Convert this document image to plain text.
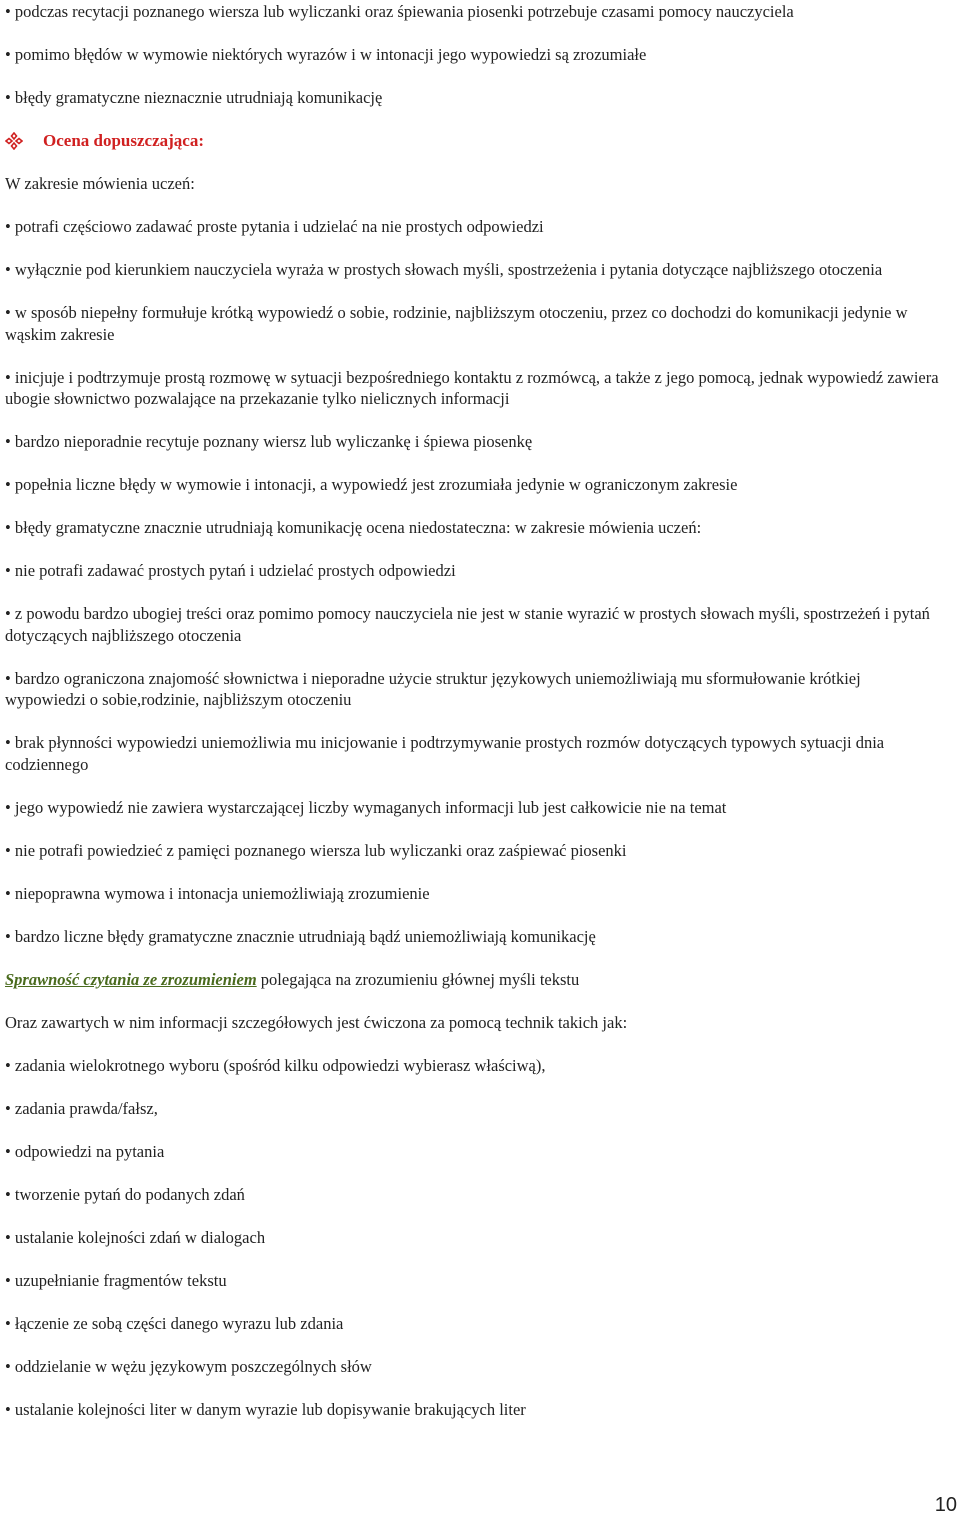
• podczas recytacji poznanego wiersza lub wyliczanki oraz śpiewania piosenki potrzebuje czasami pomocy nauczyciela

• pomimo błędów w wymowie niektórych wyrazów i w intonacji jego wypowiedzi są zrozumiałe

• błędy gramatyczne nieznacznie utrudniają komunikację

Ocena dopuszczająca:

W zakresie mówienia uczeń:

• potrafi częściowo zadawać proste pytania i udzielać na nie prostych odpowiedzi

• wyłącznie pod kierunkiem nauczyciela wyraża w prostych słowach myśli, spostrzeżenia i pytania dotyczące najbliższego otoczenia

• w sposób niepełny formułuje krótką wypowiedź o sobie, rodzinie, najbliższym otoczeniu, przez co dochodzi do komunikacji jedynie w wąskim zakresie

• inicjuje i podtrzymuje prostą rozmowę w sytuacji bezpośredniego kontaktu z rozmówcą, a także z jego pomocą, jednak wypowiedź zawiera ubogie słownictwo pozwalające na przekazanie tylko nielicznych informacji

• bardzo nieporadnie recytuje poznany wiersz lub wyliczankę i śpiewa piosenkę

• popełnia liczne błędy w wymowie i intonacji, a wypowiedź jest zrozumiała jedynie w ograniczonym zakresie

• błędy gramatyczne znacznie utrudniają komunikację ocena niedostateczna: w zakresie mówienia uczeń:

• nie potrafi zadawać prostych pytań i udzielać prostych odpowiedzi

• z powodu bardzo ubogiej treści oraz pomimo pomocy nauczyciela nie jest w stanie wyrazić w prostych słowach myśli, spostrzeżeń i pytań dotyczących najbliższego otoczenia

• bardzo ograniczona znajomość słownictwa i nieporadne użycie struktur językowych uniemożliwiają mu sformułowanie krótkiej wypowiedzi o sobie,rodzinie, najbliższym otoczeniu

• brak płynności wypowiedzi uniemożliwia mu inicjowanie i podtrzymywanie prostych rozmów dotyczących typowych sytuacji dnia codziennego

• jego wypowiedź nie zawiera wystarczającej liczby wymaganych informacji lub jest całkowicie nie na temat

• nie potrafi powiedzieć z pamięci poznanego wiersza lub wyliczanki oraz zaśpiewać piosenki

• niepoprawna wymowa i intonacja uniemożliwiają zrozumienie

• bardzo liczne błędy gramatyczne znacznie utrudniają bądź uniemożliwiają komunikację

Sprawność czytania ze zrozumieniem polegająca na zrozumieniu głównej myśli tekstu

Oraz zawartych w nim informacji szczegółowych jest ćwiczona za pomocą technik takich jak:

• zadania wielokrotnego wyboru (spośród kilku odpowiedzi wybierasz właściwą),

• zadania prawda/fałsz,

• odpowiedzi na pytania

• tworzenie pytań do podanych zdań

• ustalanie kolejności zdań w dialogach

• uzupełnianie fragmentów tekstu

• łączenie ze sobą części danego wyrazu lub zdania

• oddzielanie w wężu językowym poszczególnych słów

• ustalanie kolejności liter w danym wyrazie lub dopisywanie brakujących liter

10
